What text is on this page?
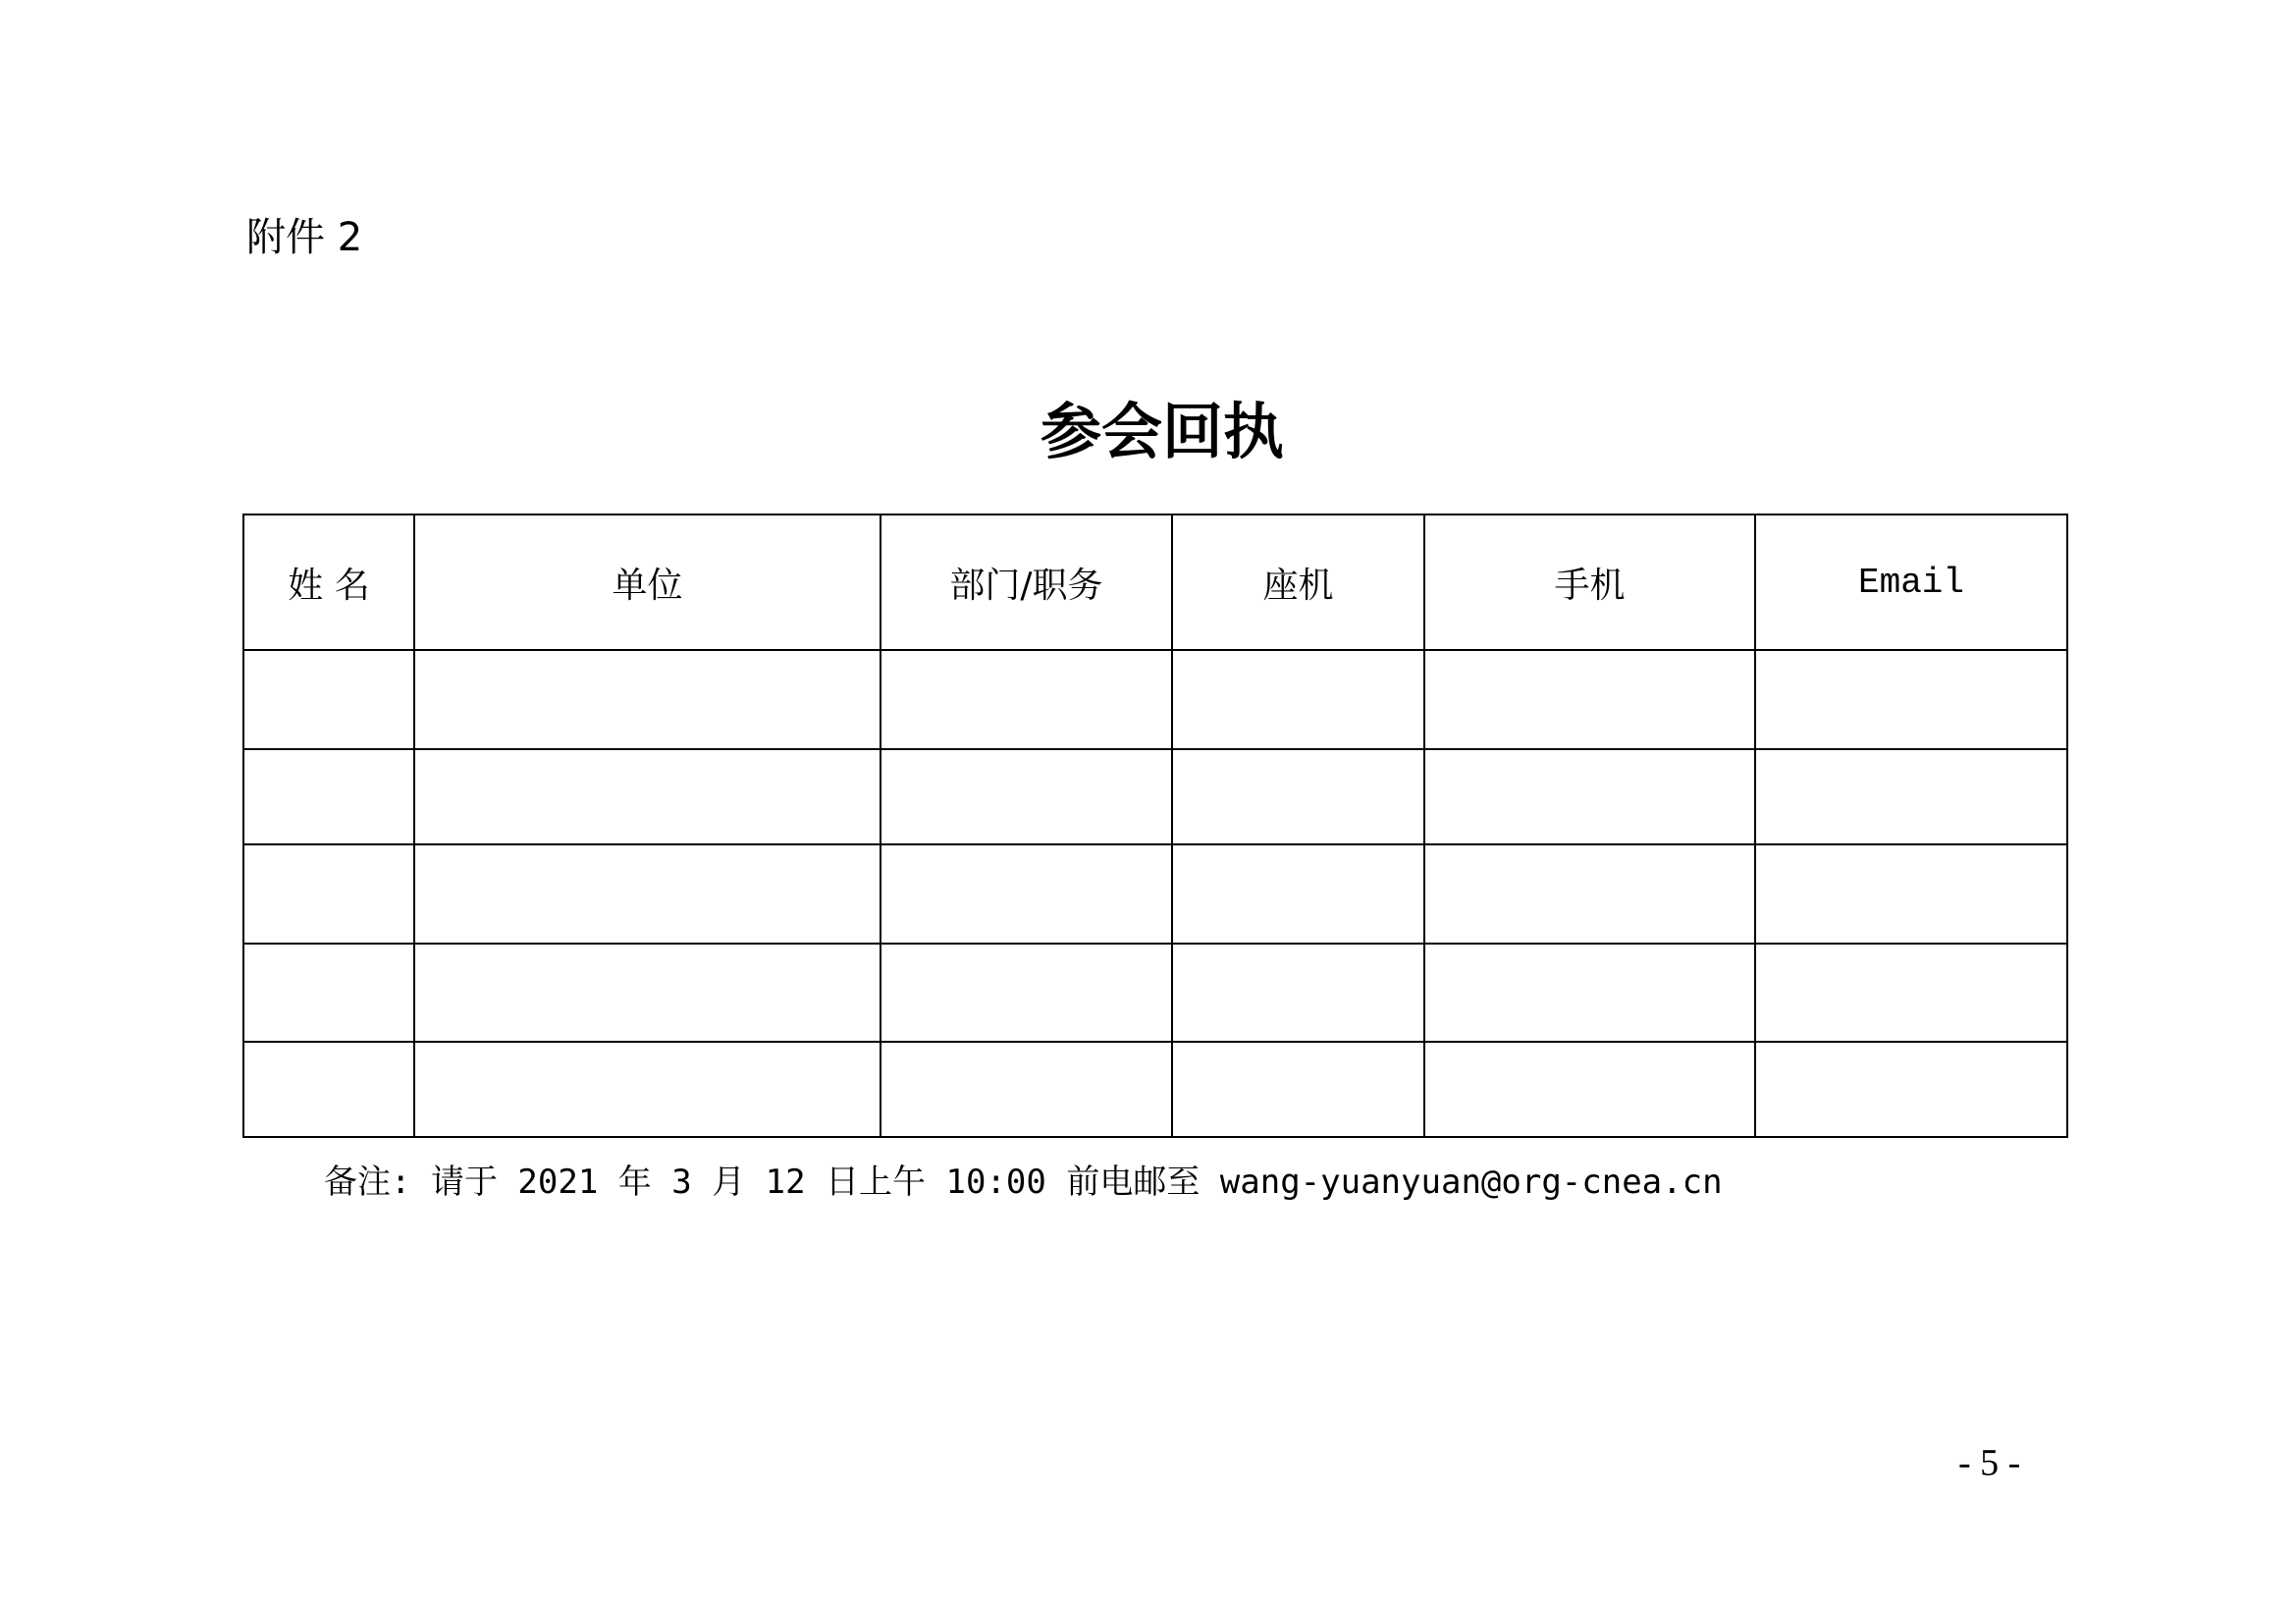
附件 2
参会回执
姓 名	单位	部门/职务	座机	手机	Email

备注: 请于 2021 年 3 月 12 日上午 10:00 前电邮至 wang-yuanyuan@org-cnea.cn
- 5 -
